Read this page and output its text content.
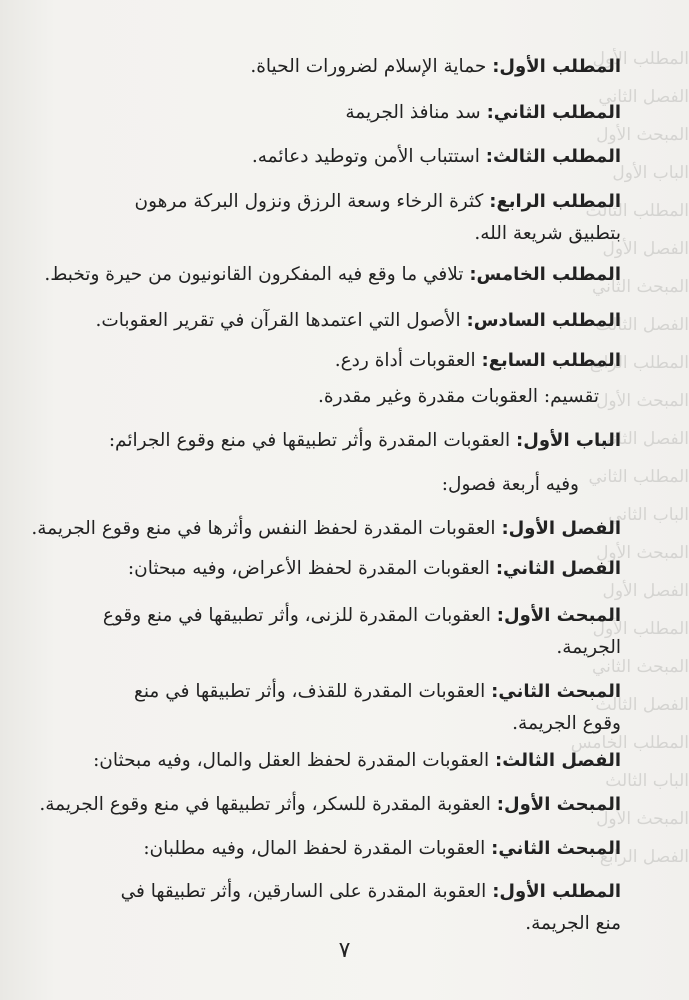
المطلب الأول
الفصل الثاني
المبحث الأول
الباب الأول
المطلب الثالث
الفصل الأول
المبحث الثاني
الفصل الثالث
المطلب الرابع
المبحث الأول
الفصل الثاني
المطلب الثاني
الباب الثاني
المبحث الأول
الفصل الأول
المطلب الأول
المبحث الثاني
الفصل الثالث
المطلب الخامس
الباب الثالث
المبحث الأول
الفصل الرابع
المطلب الأول: حماية الإسلام لضرورات الحياة.
المطلب الثاني: سد منافذ الجريمة
المطلب الثالث: استتباب الأمن وتوطيد دعائمه.
المطلب الرابع: كثرة الرخاء وسعة الرزق ونزول البركة مرهون بتطبيق شريعة الله.
المطلب الخامس: تلافي ما وقع فيه المفكرون القانونيون من حيرة وتخبط.
المطلب السادس: الأصول التي اعتمدها القرآن في تقرير العقوبات.
المطلب السابع: العقوبات أداة ردع.
تقسيم: العقوبات مقدرة وغير مقدرة.
الباب الأول: العقوبات المقدرة وأثر تطبيقها في منع وقوع الجرائم:
وفيه أربعة فصول:
الفصل الأول: العقوبات المقدرة لحفظ النفس وأثرها في منع وقوع الجريمة.
الفصل الثاني: العقوبات المقدرة لحفظ الأعراض، وفيه مبحثان:
المبحث الأول: العقوبات المقدرة للزنى، وأثر تطبيقها في منع وقوع الجريمة.
المبحث الثاني: العقوبات المقدرة للقذف، وأثر تطبيقها في منع وقوع الجريمة.
الفصل الثالث: العقوبات المقدرة لحفظ العقل والمال، وفيه مبحثان:
المبحث الأول: العقوبة المقدرة للسكر، وأثر تطبيقها في منع وقوع الجريمة.
المبحث الثاني: العقوبات المقدرة لحفظ المال، وفيه مطلبان:
المطلب الأول: العقوبة المقدرة على السارقين، وأثر تطبيقها في منع الجريمة.
٧
